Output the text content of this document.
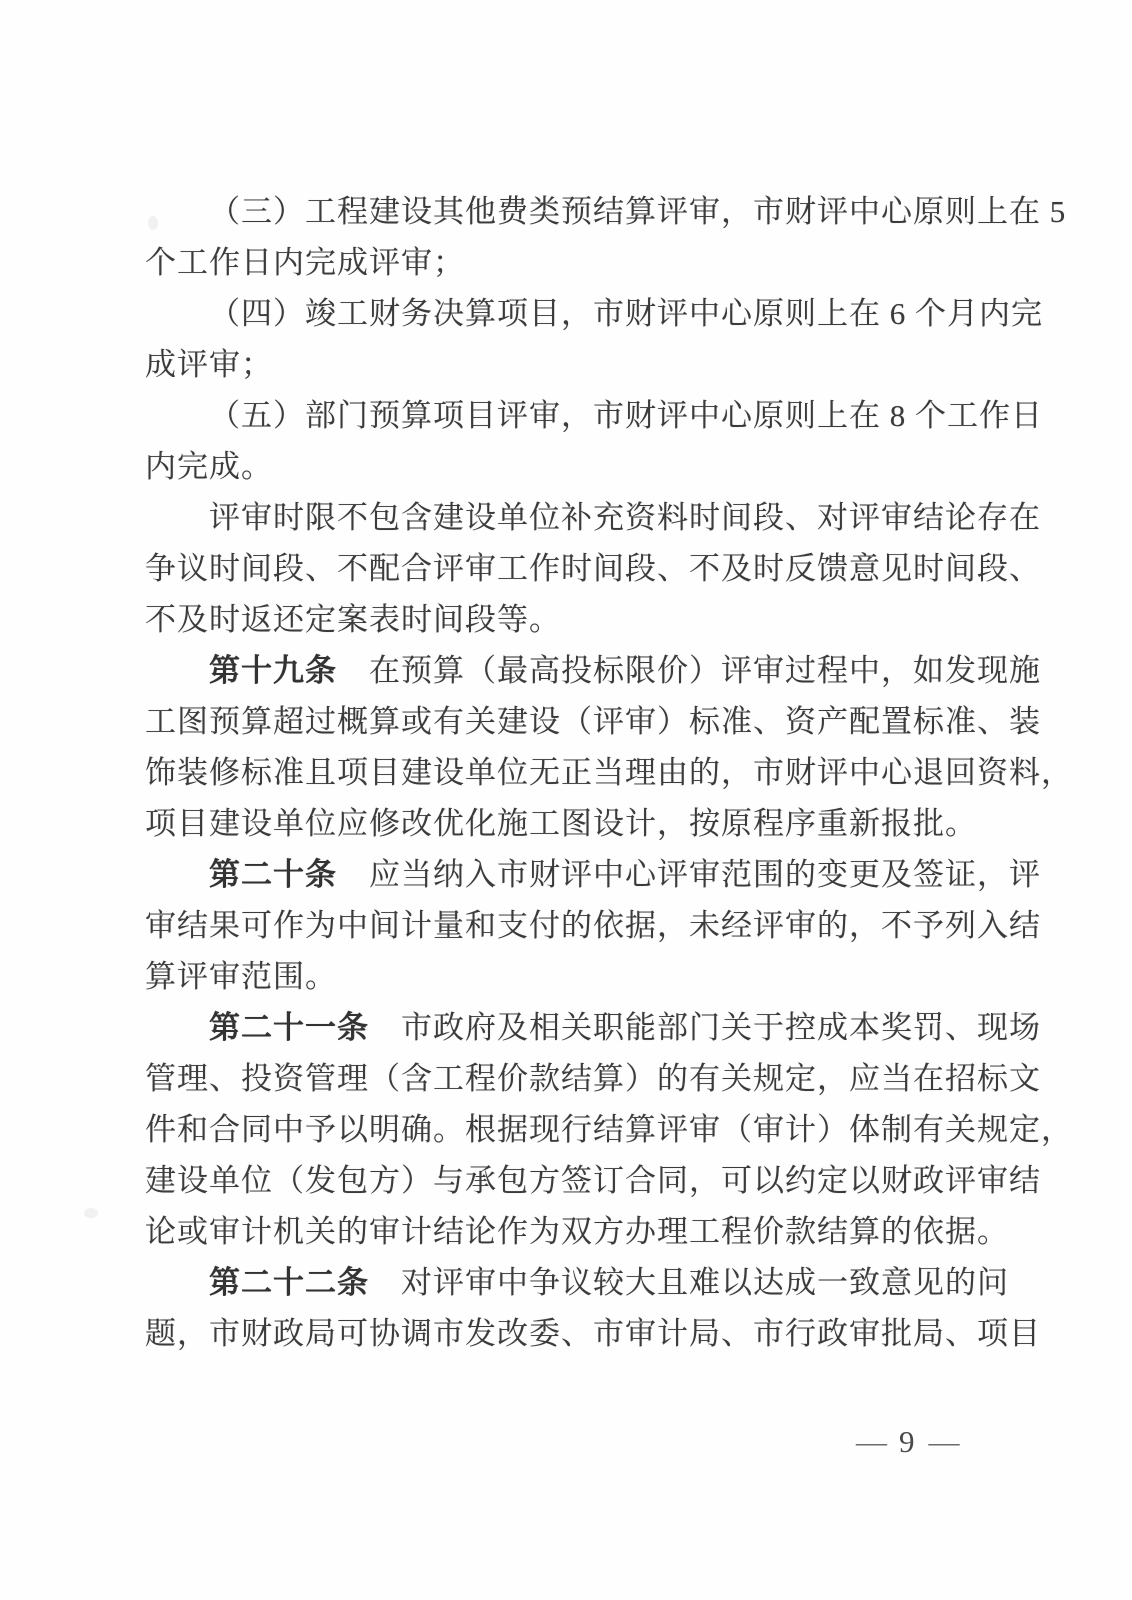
（三）工程建设其他费类预结算评审，市财评中心原则上在 5
个工作日内完成评审；
（四）竣工财务决算项目，市财评中心原则上在 6 个月内完
成评审；
（五）部门预算项目评审，市财评中心原则上在 8 个工作日
内完成。
评审时限不包含建设单位补充资料时间段、对评审结论存在
争议时间段、不配合评审工作时间段、不及时反馈意见时间段、
不及时返还定案表时间段等。
第十九条　在预算（最高投标限价）评审过程中，如发现施
工图预算超过概算或有关建设（评审）标准、资产配置标准、装
饰装修标准且项目建设单位无正当理由的，市财评中心退回资料，
项目建设单位应修改优化施工图设计，按原程序重新报批。
第二十条　应当纳入市财评中心评审范围的变更及签证，评
审结果可作为中间计量和支付的依据，未经评审的，不予列入结
算评审范围。
第二十一条　市政府及相关职能部门关于控成本奖罚、现场
管理、投资管理（含工程价款结算）的有关规定，应当在招标文
件和合同中予以明确。根据现行结算评审（审计）体制有关规定，
建设单位（发包方）与承包方签订合同，可以约定以财政评审结
论或审计机关的审计结论作为双方办理工程价款结算的依据。
第二十二条　对评审中争议较大且难以达成一致意见的问
题，市财政局可协调市发改委、市审计局、市行政审批局、项目
— 9 —
